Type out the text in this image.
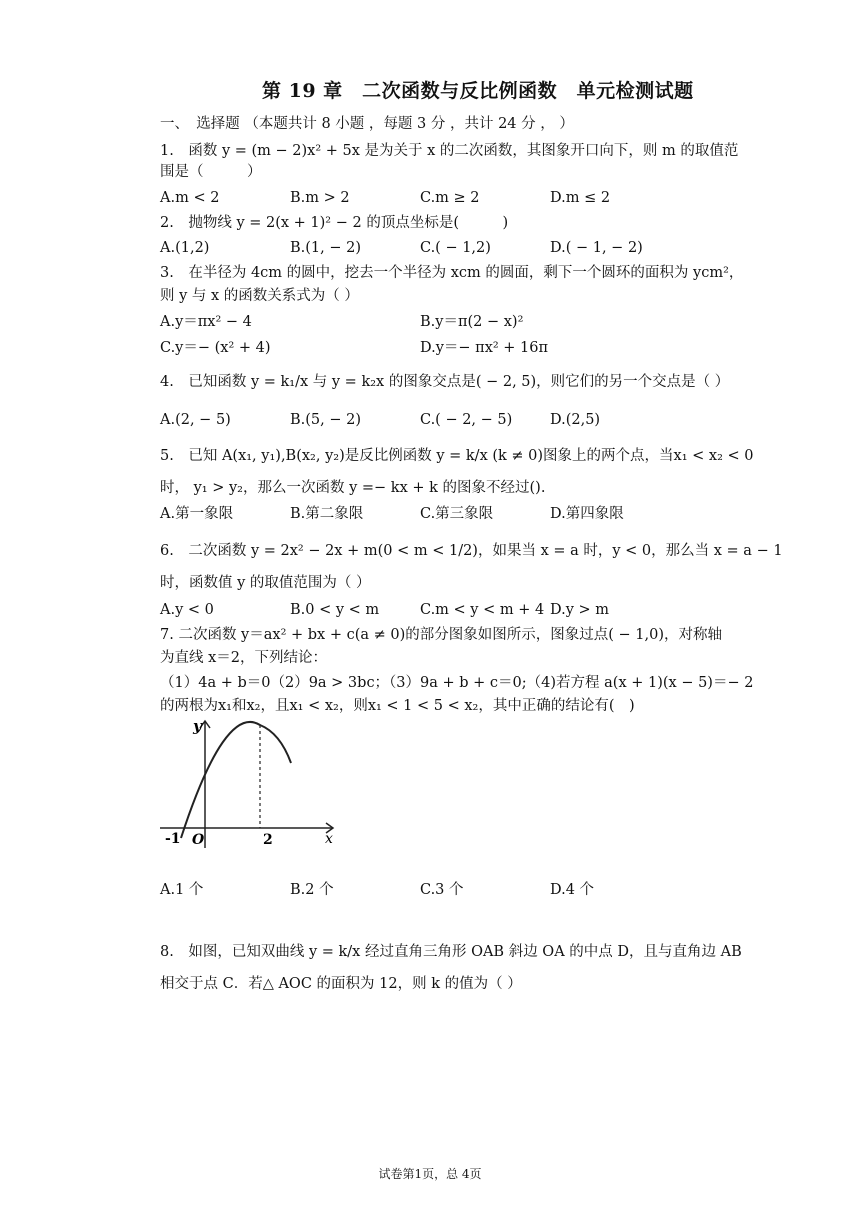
第 19 章　二次函数与反比例函数　单元检测试题
一、　选择题 （本题共计 8 小题 ，每题 3 分 ，共计 24 分 ， ）
1.　函数 y = (m − 2)x² + 5x 是为关于 x 的二次函数，其图象开口向下，则 m 的取值范
围是（　　　）
A.m < 2	B.m > 2	C.m ≥ 2	D.m ≤ 2
2.　抛物线 y = 2(x + 1)² − 2 的顶点坐标是(　　　)
A.(1,2)	B.(1, − 2)	C.( − 1,2)	D.( − 1, − 2)
3.　在半径为 4cm 的圆中，挖去一个半径为 xcm 的圆面，剩下一个圆环的面积为 ycm²，
则 y 与 x 的函数关系式为（ ）
A.y＝πx² − 4	B.y＝π(2 − x)²
C.y＝− (x² + 4)	D.y＝− πx² + 16π
4.　已知函数 y = k₁/x 与 y = k₂x 的图象交点是( − 2, 5)，则它们的另一个交点是（ ）
A.(2, − 5)	B.(5, − 2)	C.( − 2, − 5)	D.(2,5)
5.　已知 A(x₁, y₁),B(x₂, y₂)是反比例函数 y = k/x (k ≠ 0)图象上的两个点，当x₁ < x₂ < 0
时， y₁ > y₂，那么一次函数 y =− kx + k 的图象不经过().
A.第一象限	B.第二象限	C.第三象限	D.第四象限
6.　二次函数 y = 2x² − 2x + m(0 < m < 1/2)，如果当 x = a 时，y < 0，那么当 x = a − 1
时，函数值 y 的取值范围为（ ）
A.y < 0	B.0 < y < m	C.m < y < m + 4 D.y > m
7. 二次函数 y＝ax² + bx + c(a ≠ 0)的部分图象如图所示，图象过点( − 1,0)，对称轴
为直线 x＝2，下列结论：
（1）4a + b＝0（2）9a > 3bc；（3）9a + b + c＝0;（4)若方程 a(x + 1)(x − 5)＝− 2
的两根为x₁和x₂，且x₁ < x₂，则x₁ < 1 < 5 < x₂，其中正确的结论有(　)
y
x
O
-1	2
A.1 个	B.2 个	C.3 个	D.4 个
8.　如图，已知双曲线 y = k/x 经过直角三角形 OAB 斜边 OA 的中点 D，且与直角边 AB
相交于点 C．若△ AOC 的面积为 12，则 k 的值为（ ）
试卷第1页，总 4页
